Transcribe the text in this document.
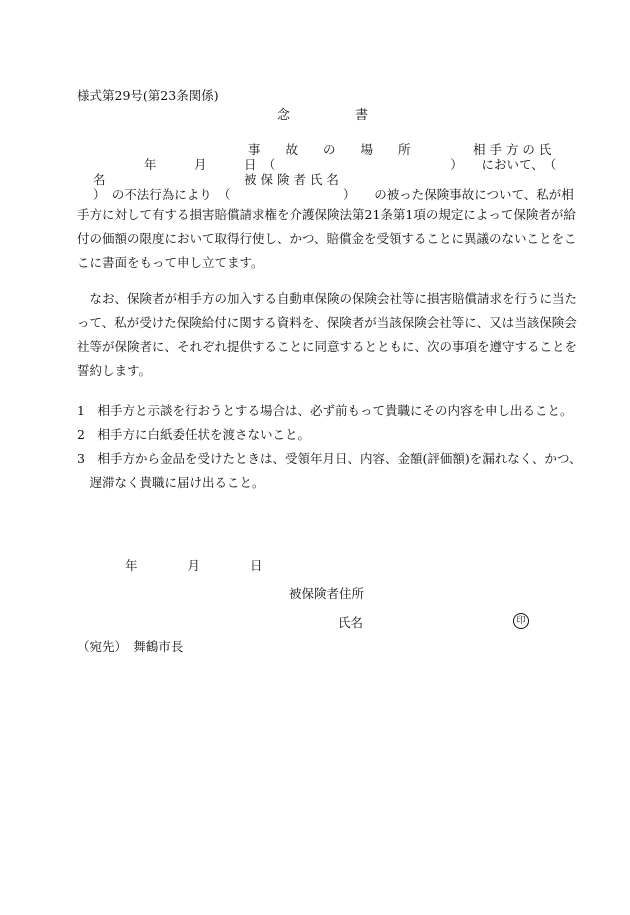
様式第29号(第23条関係)
念　　　　　書
事　　故　　の　　場　　所	相 手 方 の 氏
年　　　月　　　日　（　　　　　　　　　　　　　　）　　において、　（
名	被 保 険 者 氏 名
）　の不法行為により　（　　　　　　　　　）　　の被った保険事故について、私が相
手方に対して有する損害賠償請求権を介護保険法第21条第1項の規定によって保険者が給
付の価額の限度において取得行使し、かつ、賠償金を受領することに異議のないことをこ
こに書面をもって申し立てます。
　なお、保険者が相手方の加入する自動車保険の保険会社等に損害賠償請求を行うに当た
って、私が受けた保険給付に関する資料を、保険者が当該保険会社等に、又は当該保険会
社等が保険者に、それぞれ提供することに同意するとともに、次の事項を遵守することを
誓約します。
1　相手方と示談を行おうとする場合は、必ず前もって貴職にその内容を申し出ること。
2　相手方に白紙委任状を渡さないこと。
3　相手方から金品を受けたときは、受領年月日、内容、金額(評価額)を漏れなく、かつ、
　遅滞なく貴職に届け出ること。
年　　　　月　　　　日
被保険者住所
氏名	印
（宛先）　舞鶴市長
